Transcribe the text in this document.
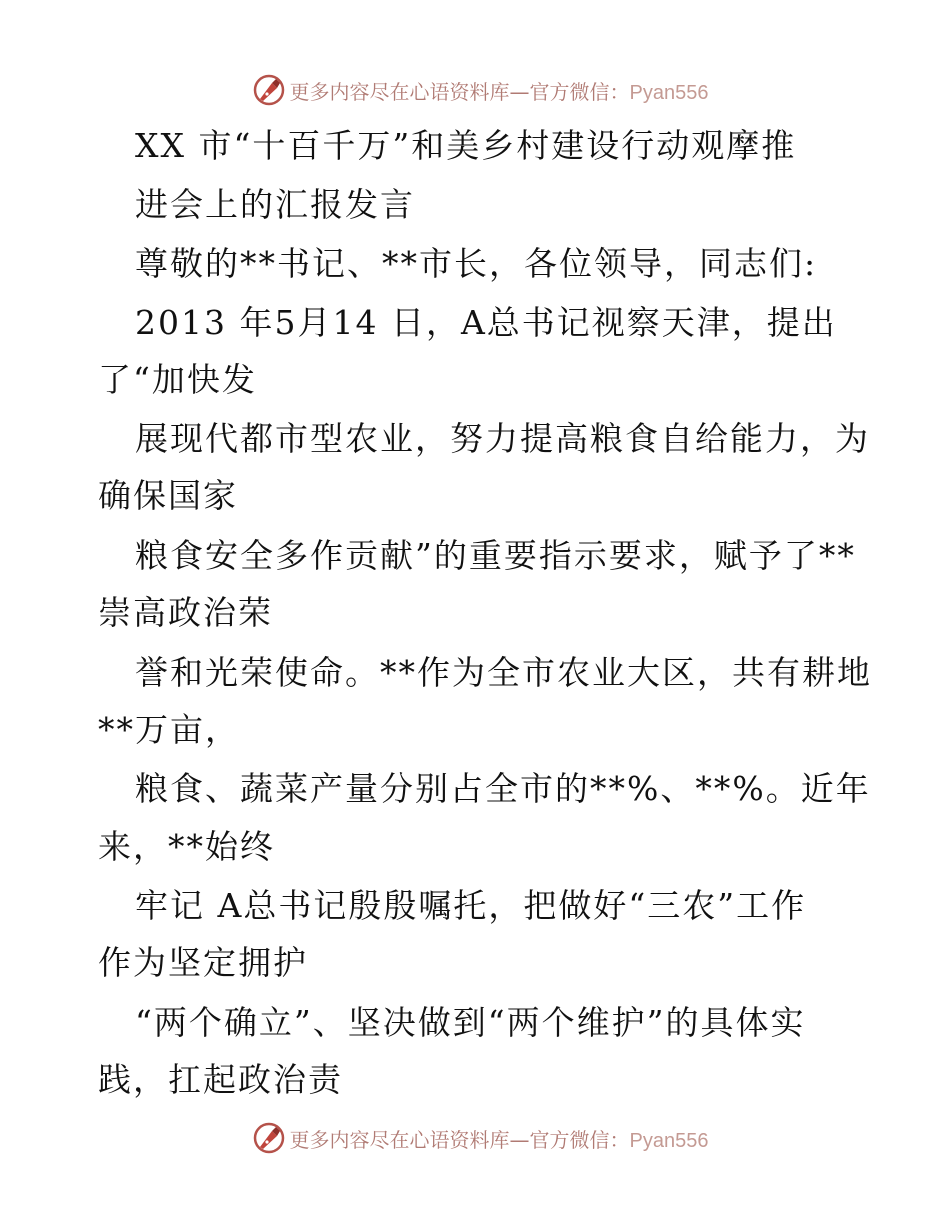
更多内容尽在心语资料库—官方微信：Pyan556
XX 市“十百千万”和美乡村建设行动观摩推
进会上的汇报发言
尊敬的**书记、**市长，各位领导，同志们:
2013 年5月14 日，A总书记视察天津，提出
了“加快发
展现代都市型农业，努力提高粮食自给能力，为
确保国家
粮食安全多作贡献”的重要指示要求，赋予了**
崇高政治荣
誉和光荣使命。**作为全市农业大区，共有耕地
**万亩，
粮食、蔬菜产量分别占全市的**%、**%。近年
来，**始终
牢记 A总书记殷殷嘱托，把做好“三农”工作
作为坚定拥护
“两个确立”、坚决做到“两个维护”的具体实
践，扛起政治责
更多内容尽在心语资料库—官方微信：Pyan556
